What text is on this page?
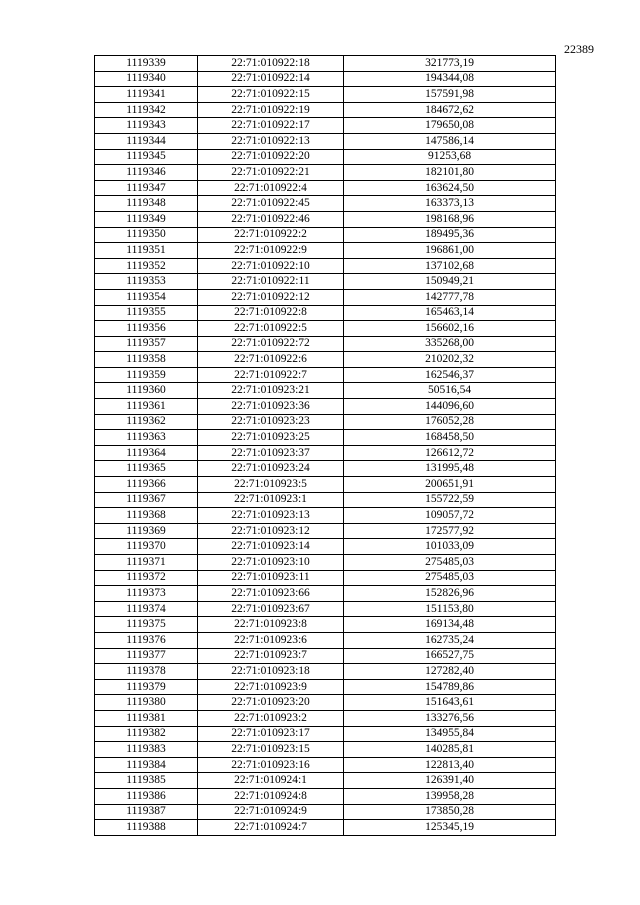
22389
1119339	22:71:010922:18	321773,19
1119340	22:71:010922:14	194344,08
1119341	22:71:010922:15	157591,98
1119342	22:71:010922:19	184672,62
1119343	22:71:010922:17	179650,08
1119344	22:71:010922:13	147586,14
1119345	22:71:010922:20	91253,68
1119346	22:71:010922:21	182101,80
1119347	22:71:010922:4	163624,50
1119348	22:71:010922:45	163373,13
1119349	22:71:010922:46	198168,96
1119350	22:71:010922:2	189495,36
1119351	22:71:010922:9	196861,00
1119352	22:71:010922:10	137102,68
1119353	22:71:010922:11	150949,21
1119354	22:71:010922:12	142777,78
1119355	22:71:010922:8	165463,14
1119356	22:71:010922:5	156602,16
1119357	22:71:010922:72	335268,00
1119358	22:71:010922:6	210202,32
1119359	22:71:010922:7	162546,37
1119360	22:71:010923:21	50516,54
1119361	22:71:010923:36	144096,60
1119362	22:71:010923:23	176052,28
1119363	22:71:010923:25	168458,50
1119364	22:71:010923:37	126612,72
1119365	22:71:010923:24	131995,48
1119366	22:71:010923:5	200651,91
1119367	22:71:010923:1	155722,59
1119368	22:71:010923:13	109057,72
1119369	22:71:010923:12	172577,92
1119370	22:71:010923:14	101033,09
1119371	22:71:010923:10	275485,03
1119372	22:71:010923:11	275485,03
1119373	22:71:010923:66	152826,96
1119374	22:71:010923:67	151153,80
1119375	22:71:010923:8	169134,48
1119376	22:71:010923:6	162735,24
1119377	22:71:010923:7	166527,75
1119378	22:71:010923:18	127282,40
1119379	22:71:010923:9	154789,86
1119380	22:71:010923:20	151643,61
1119381	22:71:010923:2	133276,56
1119382	22:71:010923:17	134955,84
1119383	22:71:010923:15	140285,81
1119384	22:71:010923:16	122813,40
1119385	22:71:010924:1	126391,40
1119386	22:71:010924:8	139958,28
1119387	22:71:010924:9	173850,28
1119388	22:71:010924:7	125345,19
